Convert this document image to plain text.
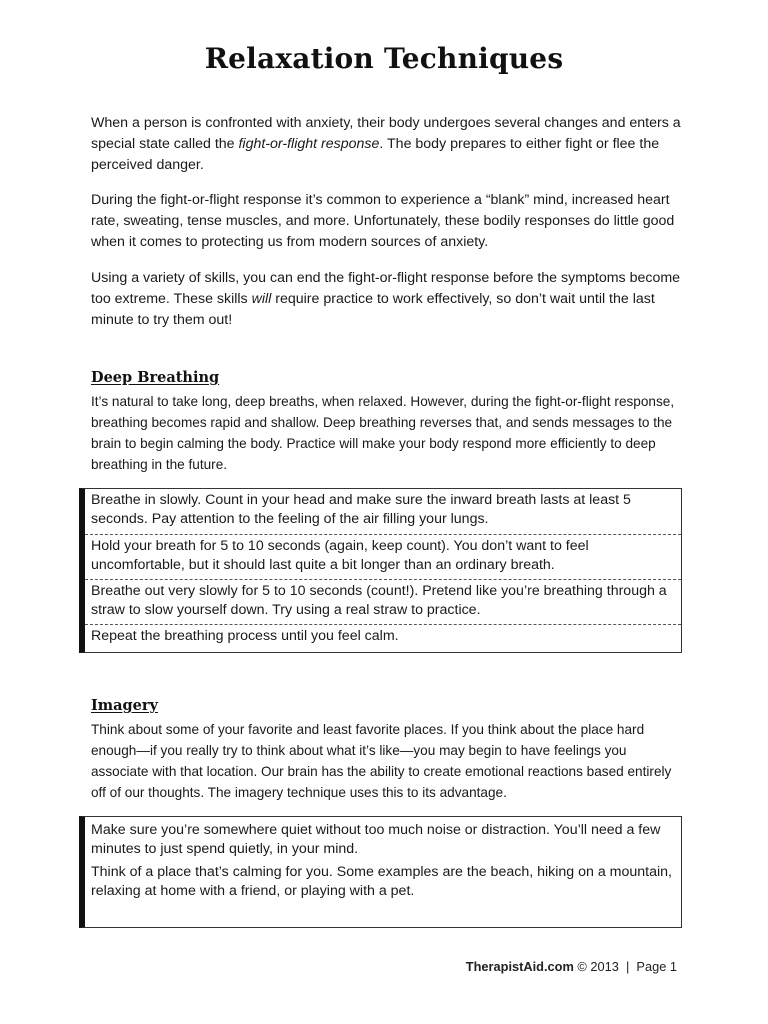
Relaxation Techniques

When a person is confronted with anxiety, their body undergoes several changes and enters a special state called the fight-or-flight response. The body prepares to either fight or flee the perceived danger.

During the fight-or-flight response it’s common to experience a “blank” mind, increased heart rate, sweating, tense muscles, and more. Unfortunately, these bodily responses do little good when it comes to protecting us from modern sources of anxiety.

Using a variety of skills, you can end the fight-or-flight response before the symptoms become too extreme. These skills will require practice to work effectively, so don’t wait until the last minute to try them out!

Deep Breathing

It’s natural to take long, deep breaths, when relaxed. However, during the fight-or-flight response, breathing becomes rapid and shallow. Deep breathing reverses that, and sends messages to the brain to begin calming the body. Practice will make your body respond more efficiently to deep breathing in the future.

Breathe in slowly. Count in your head and make sure the inward breath lasts at least 5 seconds. Pay attention to the feeling of the air filling your lungs.
Hold your breath for 5 to 10 seconds (again, keep count). You don’t want to feel uncomfortable, but it should last quite a bit longer than an ordinary breath.
Breathe out very slowly for 5 to 10 seconds (count!). Pretend like you’re breathing through a straw to slow yourself down. Try using a real straw to practice.
Repeat the breathing process until you feel calm.
Imagery

Think about some of your favorite and least favorite places. If you think about the place hard enough—if you really try to think about what it’s like—you may begin to have feelings you associate with that location. Our brain has the ability to create emotional reactions based entirely off of our thoughts. The imagery technique uses this to its advantage.

Make sure you’re somewhere quiet without too much noise or distraction. You’ll need a few minutes to just spend quietly, in your mind.
Think of a place that’s calming for you. Some examples are the beach, hiking on a mountain, relaxing at home with a friend, or playing with a pet.
TherapistAid.com © 2013  |  Page 1
